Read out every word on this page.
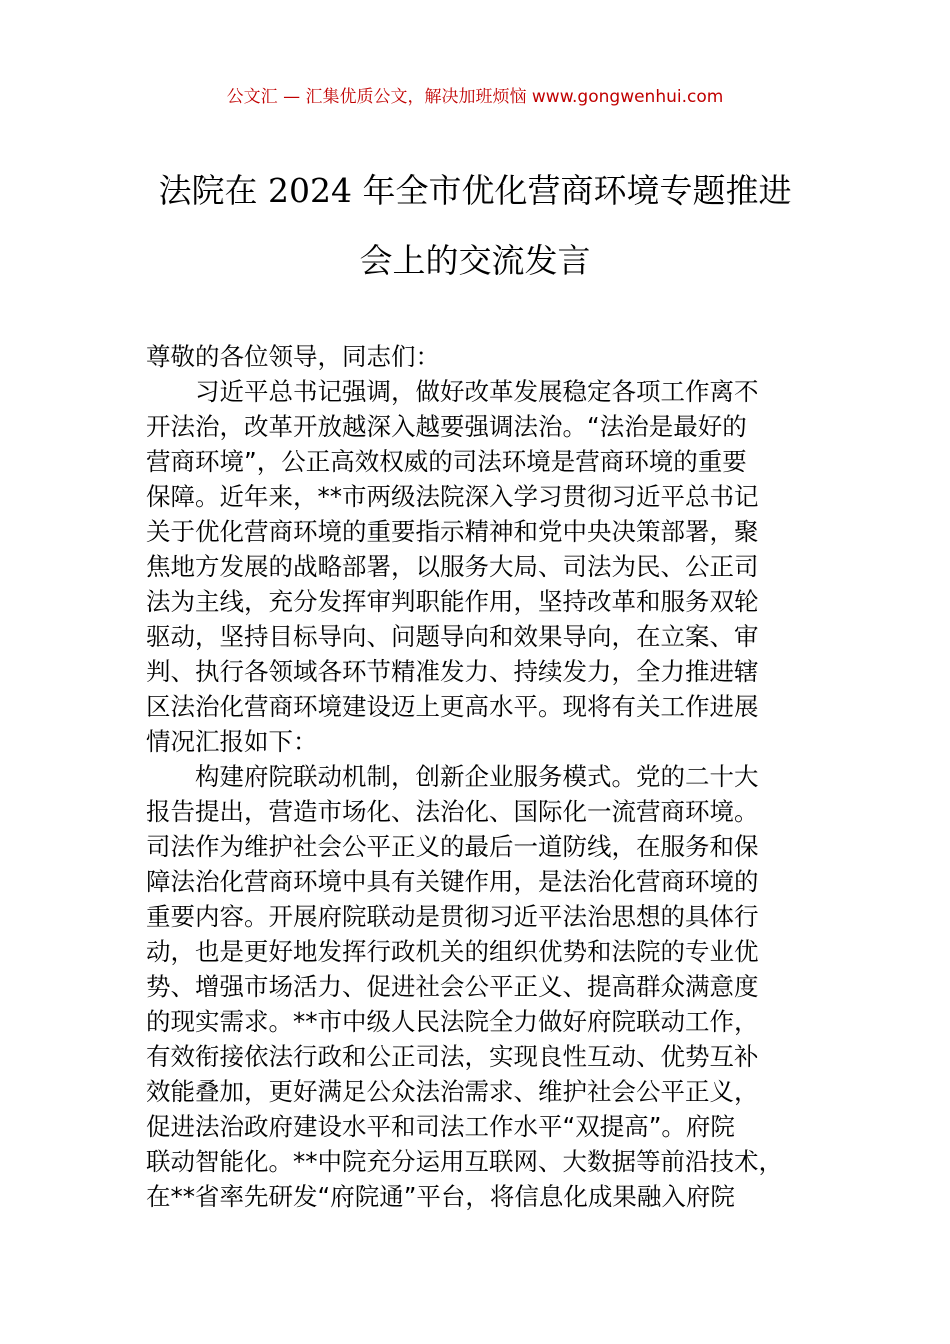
公文汇 — 汇集优质公文，解决加班烦恼 www.gongwenhui.com
法院在 2024 年全市优化营商环境专题推进
会上的交流发言
尊敬的各位领导，同志们：
习近平总书记强调，做好改革发展稳定各项工作离不
开法治，改革开放越深入越要强调法治。“法治是最好的
营商环境”，公正高效权威的司法环境是营商环境的重要
保障。近年来，**市两级法院深入学习贯彻习近平总书记
关于优化营商环境的重要指示精神和党中央决策部署，聚
焦地方发展的战略部署，以服务大局、司法为民、公正司
法为主线，充分发挥审判职能作用，坚持改革和服务双轮
驱动，坚持目标导向、问题导向和效果导向，在立案、审
判、执行各领域各环节精准发力、持续发力，全力推进辖
区法治化营商环境建设迈上更高水平。现将有关工作进展
情况汇报如下：
构建府院联动机制，创新企业服务模式。党的二十大
报告提出，营造市场化、法治化、国际化一流营商环境。
司法作为维护社会公平正义的最后一道防线，在服务和保
障法治化营商环境中具有关键作用，是法治化营商环境的
重要内容。开展府院联动是贯彻习近平法治思想的具体行
动，也是更好地发挥行政机关的组织优势和法院的专业优
势、增强市场活力、促进社会公平正义、提高群众满意度
的现实需求。**市中级人民法院全力做好府院联动工作，
有效衔接依法行政和公正司法，实现良性互动、优势互补
效能叠加，更好满足公众法治需求、维护社会公平正义，
促进法治政府建设水平和司法工作水平“双提高”。府院
联动智能化。**中院充分运用互联网、大数据等前沿技术，
在**省率先研发“府院通”平台，将信息化成果融入府院
